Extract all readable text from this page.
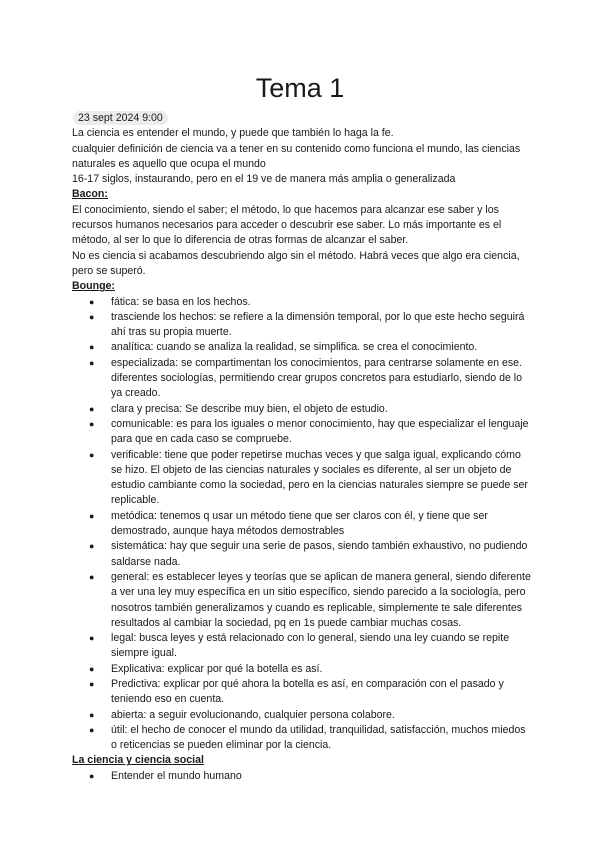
Tema 1
23 sept 2024 9:00

La ciencia es entender el mundo, y puede que también lo haga la fe.

cualquier definición de ciencia va a tener en su contenido como funciona el mundo, las ciencias naturales es aquello que ocupa el mundo

16-17 siglos, instaurando, pero en el 19 ve de manera más amplia o generalizada

Bacon:

El conocimiento, siendo el saber; el método, lo que hacemos para alcanzar ese saber y los recursos humanos necesarios para acceder o descubrir ese saber. Lo más importante es el método, al ser lo que lo diferencia de otras formas de alcanzar el saber.

No es ciencia si acabamos descubriendo algo sin el método. Habrá veces que algo era ciencia, pero se superó.

Bounge:

● fática: se basa en los hechos.
● trasciende los hechos: se refiere a la dimensión temporal, por lo que este hecho seguirá ahí tras su propia muerte.
● analítica: cuando se analiza la realidad, se simplifica. se crea el conocimiento.
● especializada: se compartimentan los conocimientos, para centrarse solamente en ese. diferentes sociologías, permitiendo crear grupos concretos para estudiarlo, siendo de lo ya creado.
● clara y precisa: Se describe muy bien, el objeto de estudio.
● comunicable: es para los iguales o menor conocimiento, hay que especializar el lenguaje para que en cada caso se compruebe.
● verificable: tiene que poder repetirse muchas veces y que salga igual, explicando cómo se hizo. El objeto de las ciencias naturales y sociales es diferente, al ser un objeto de estudio cambiante como la sociedad, pero en la ciencias naturales siempre se puede ser replicable.
● metódica: tenemos q usar un método tiene que ser claros con él, y tiene que ser demostrado, aunque haya métodos demostrables
● sistemática: hay que seguir una serie de pasos, siendo también exhaustivo, no pudiendo saldarse nada.
● general: es establecer leyes y teorías que se aplican de manera general, siendo diferente a ver una ley muy específica en un sitio específico, siendo parecido a la sociología, pero nosotros también generalizamos y cuando es replicable, simplemente te sale diferentes resultados al cambiar la sociedad, pq en 1s puede cambiar muchas cosas.
● legal: busca leyes y está relacionado con lo general, siendo una ley cuando se repite siempre igual.
● Explicativa: explicar por qué la botella es así.
● Predictiva: explicar por qué ahora la botella es así, en comparación con el pasado y teniendo eso en cuenta.
● abierta: a seguir evolucionando, cualquier persona colabore.
● útil: el hecho de conocer el mundo da utilidad, tranquilidad, satisfacción, muchos miedos o reticencias se pueden eliminar por la ciencia.

La ciencia y ciencia social

● Entender el mundo humano
